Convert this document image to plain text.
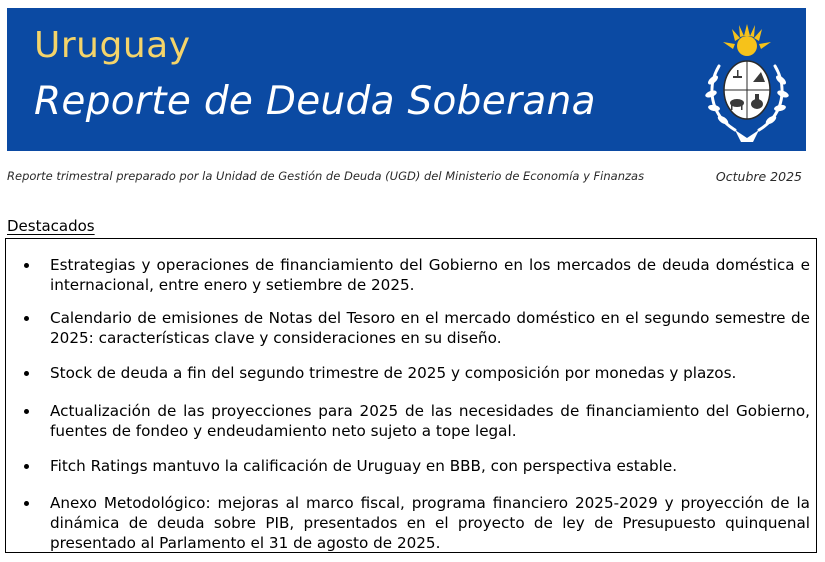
Uruguay
Reporte de Deuda Soberana
Reporte trimestral preparado por la Unidad de Gestión de Deuda (UGD) del Ministerio de Economía y Finanzas	Octubre 2025
Destacados
Estrategias y operaciones de financiamiento del Gobierno en los mercados de deuda doméstica e internacional, entre enero y setiembre de 2025.
Calendario de emisiones de Notas del Tesoro en el mercado doméstico en el segundo semestre de 2025: características clave y consideraciones en su diseño.
Stock de deuda a fin del segundo trimestre de 2025 y composición por monedas y plazos.
Actualización de las proyecciones para 2025 de las necesidades de financiamiento del Gobierno, fuentes de fondeo y endeudamiento neto sujeto a tope legal.
Fitch Ratings mantuvo la calificación de Uruguay en BBB, con perspectiva estable.
Anexo Metodológico: mejoras al marco fiscal, programa financiero 2025-2029 y proyección de la dinámica de deuda sobre PIB, presentados en el proyecto de ley de Presupuesto quinquenal presentado al Parlamento el 31 de agosto de 2025.
